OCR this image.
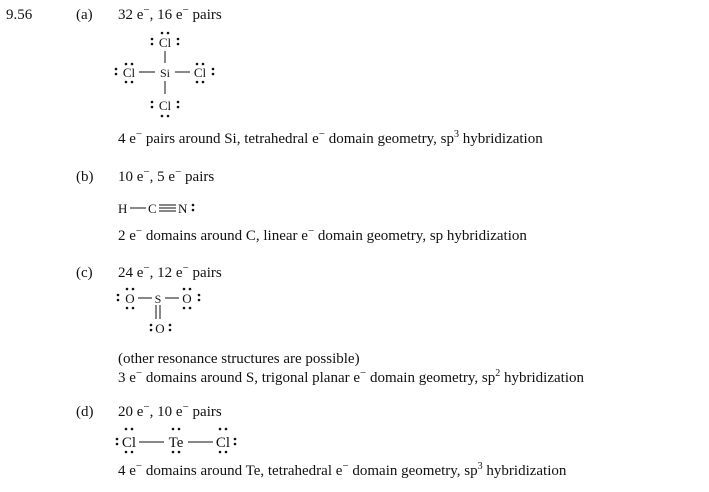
9.56	(a) 32 e−, 16 e− pairs
Cl
Cl Si Cl
Cl
4 e− pairs around Si, tetrahedral e− domain geometry, $sp^3$ hybridization
(b) 10 e−, 5 e− pairs
H C N
2 e− domains around C, linear e− domain geometry, sp hybridization
(c) 24 e−, 12 e− pairs
O S O
O
(other resonance structures are possible)
3 e− domains around S, trigonal planar e− domain geometry, $sp^2$ hybridization
(d) 20 e−, 10 e− pairs
Cl Te Cl
4 e− domains around Te, tetrahedral e− domain geometry, $sp^3$ hybridization
